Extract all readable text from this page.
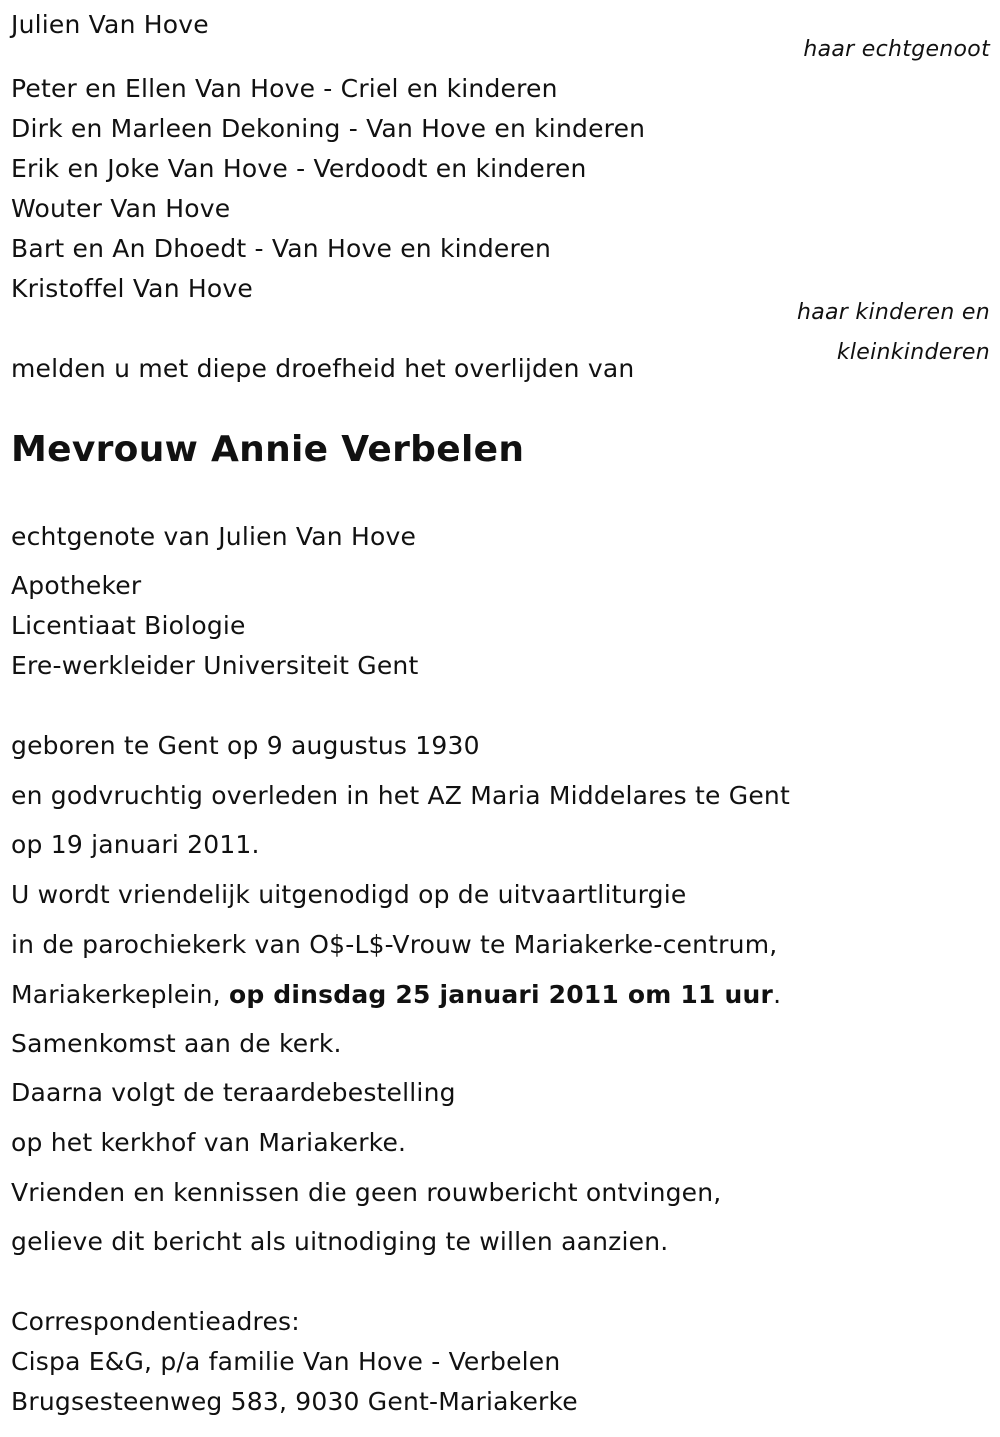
Julien Van Hove

haar echtgenoot

Peter en Ellen Van Hove - Criel en kinderen

Dirk en Marleen Dekoning - Van Hove en kinderen

Erik en Joke Van Hove - Verdoodt en kinderen

Wouter Van Hove

Bart en An Dhoedt - Van Hove en kinderen

Kristoffel Van Hove

haar kinderen en

kleinkinderen

melden u met diepe droefheid het overlijden van

Mevrouw Annie Verbelen

echtgenote van Julien Van Hove

Apotheker

Licentiaat Biologie

Ere-werkleider Universiteit Gent

geboren te Gent op 9 augustus 1930

en godvruchtig overleden in het AZ Maria Middelares te Gent

op 19 januari 2011.

U wordt vriendelijk uitgenodigd op de uitvaartliturgie

in de parochiekerk van O$-L$-Vrouw te Mariakerke-centrum,

Mariakerkeplein, op dinsdag 25 januari 2011 om 11 uur.

Samenkomst aan de kerk.

Daarna volgt de teraardebestelling

op het kerkhof van Mariakerke.

Vrienden en kennissen die geen rouwbericht ontvingen,

gelieve dit bericht als uitnodiging te willen aanzien.

Correspondentieadres:

Cispa E&G, p/a familie Van Hove - Verbelen

Brugsesteenweg 583, 9030 Gent-Mariakerke
